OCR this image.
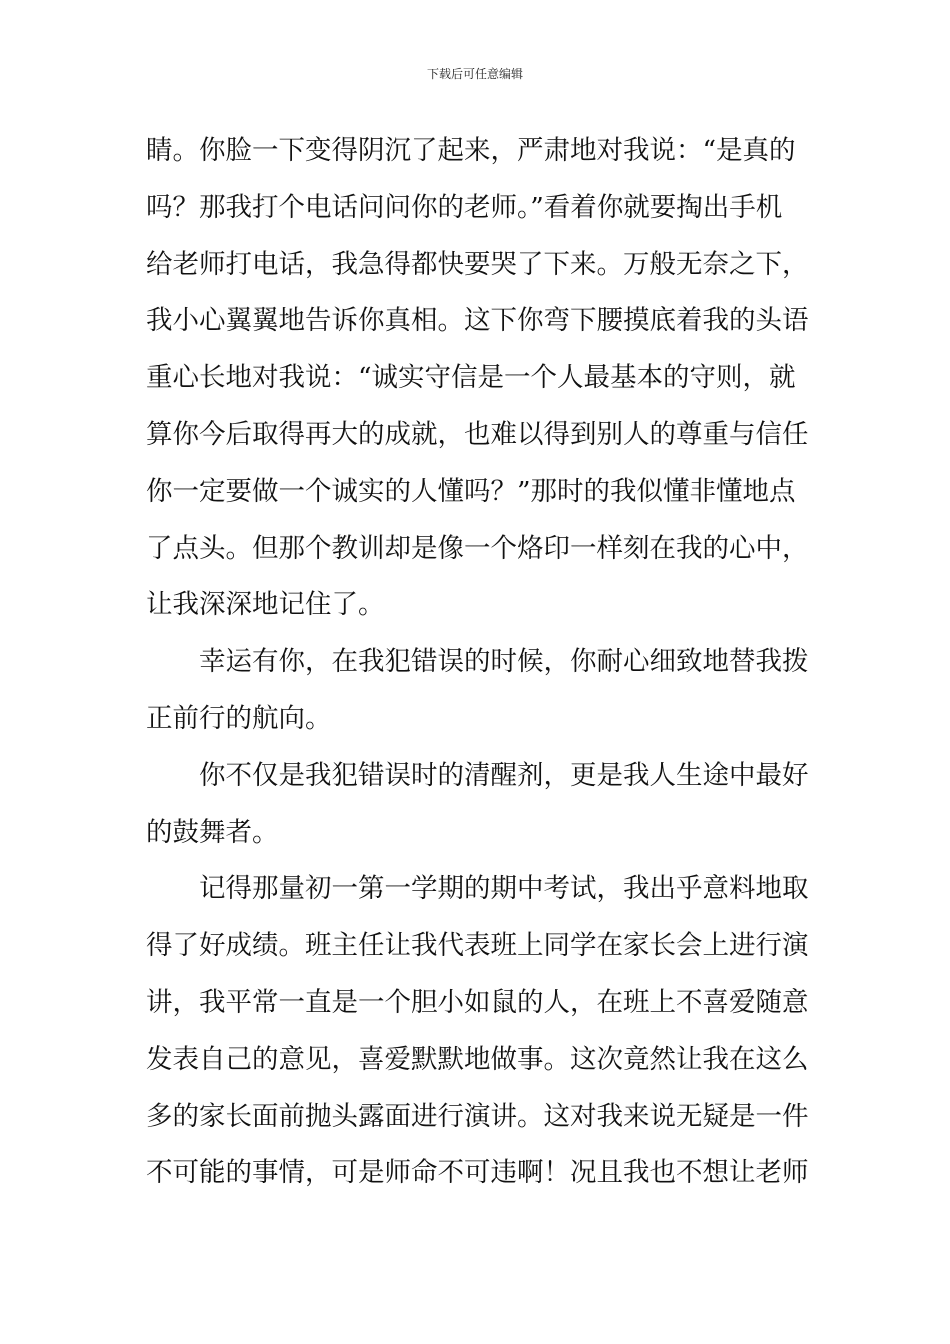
下载后可任意编辑
睛。你脸一下变得阴沉了起来，严肃地对我说：“是真的
吗？那我打个电话问问你的老师。”看着你就要掏出手机
给老师打电话，我急得都快要哭了下来。万般无奈之下，
我小心翼翼地告诉你真相。这下你弯下腰摸底着我的头语
重心长地对我说：“诚实守信是一个人最基本的守则，就
算你今后取得再大的成就，也难以得到别人的尊重与信任
你一定要做一个诚实的人懂吗？”那时的我似懂非懂地点
了点头。但那个教训却是像一个烙印一样刻在我的心中，
让我深深地记住了。
幸运有你，在我犯错误的时候，你耐心细致地替我拨
正前行的航向。
你不仅是我犯错误时的清醒剂，更是我人生途中最好
的鼓舞者。
记得那量初一第一学期的期中考试，我出乎意料地取
得了好成绩。班主任让我代表班上同学在家长会上进行演
讲，我平常一直是一个胆小如鼠的人，在班上不喜爱随意
发表自己的意见，喜爱默默地做事。这次竟然让我在这么
多的家长面前抛头露面进行演讲。这对我来说无疑是一件
不可能的事情，可是师命不可违啊！况且我也不想让老师
